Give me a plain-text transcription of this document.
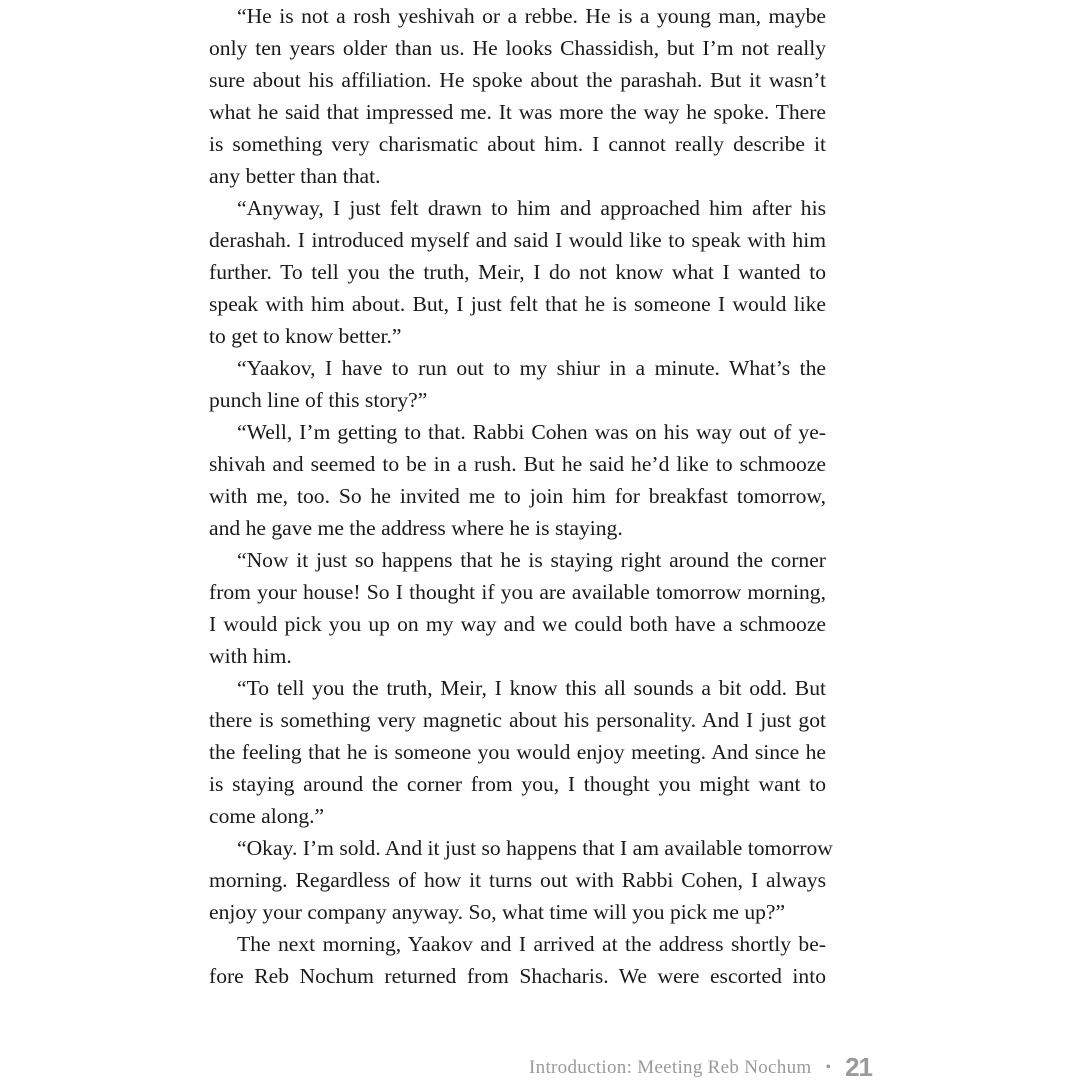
“He is not a rosh yeshivah or a rebbe. He is a young man, maybe
only ten years older than us. He looks Chassidish, but I’m not really
sure about his affiliation. He spoke about the parashah. But it wasn’t
what he said that impressed me. It was more the way he spoke. There
is something very charismatic about him. I cannot really describe it
any better than that.
“Anyway, I just felt drawn to him and approached him after his
derashah. I introduced myself and said I would like to speak with him
further. To tell you the truth, Meir, I do not know what I wanted to
speak with him about. But, I just felt that he is someone I would like
to get to know better.”
“Yaakov, I have to run out to my shiur in a minute. What’s the
punch line of this story?”
“Well, I’m getting to that. Rabbi Cohen was on his way out of ye-
shivah and seemed to be in a rush. But he said he’d like to schmooze
with me, too. So he invited me to join him for breakfast tomorrow,
and he gave me the address where he is staying.
“Now it just so happens that he is staying right around the corner
from your house! So I thought if you are available tomorrow morning,
I would pick you up on my way and we could both have a schmooze
with him.
“To tell you the truth, Meir, I know this all sounds a bit odd. But
there is something very magnetic about his personality. And I just got
the feeling that he is someone you would enjoy meeting. And since he
is staying around the corner from you, I thought you might want to
come along.”
“Okay. I’m sold. And it just so happens that I am available tomorrow
morning. Regardless of how it turns out with Rabbi Cohen, I always
enjoy your company anyway. So, what time will you pick me up?”
The next morning, Yaakov and I arrived at the address shortly be-
fore Reb Nochum returned from Shacharis. We were escorted into
Introduction: Meeting Reb Nochum • 21
